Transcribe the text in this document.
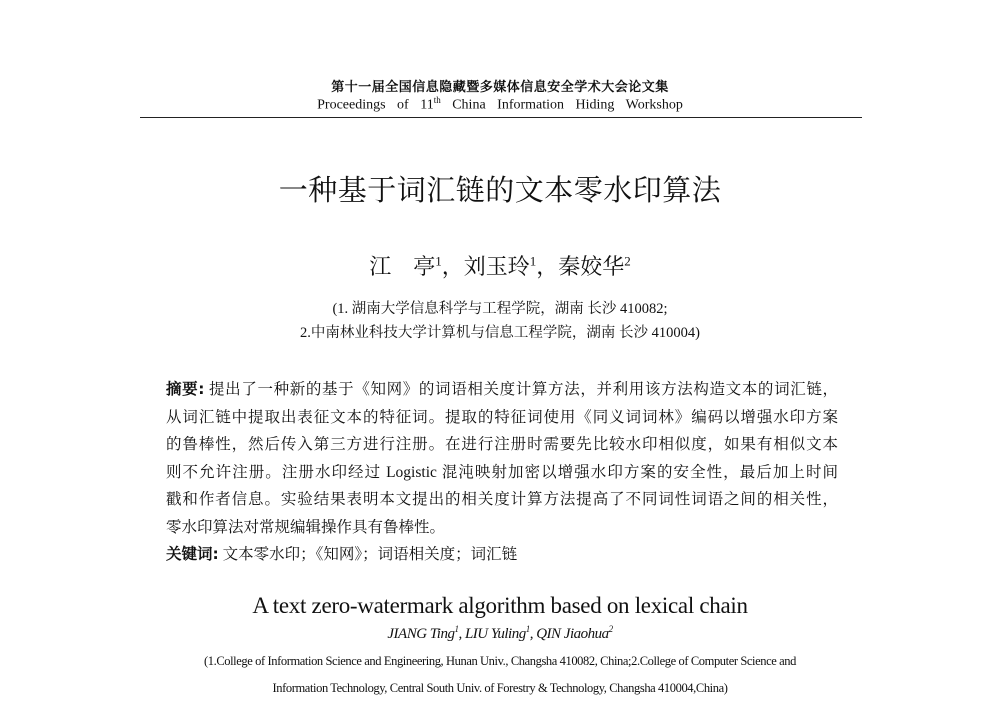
第十一届全国信息隐藏暨多媒体信息安全学术大会论文集
Proceedings of 11th China Information Hiding Workshop
一种基于词汇链的文本零水印算法
江　亭$^1$，刘玉玲$^1$，秦姣华$^2$
(1. 湖南大学信息科学与工程学院，湖南 长沙 410082;
2.中南林业科技大学计算机与信息工程学院，湖南 长沙 410004)
摘要: 提出了一种新的基于《知网》的词语相关度计算方法，并利用该方法构造文本的词汇链，
从词汇链中提取出表征文本的特征词。提取的特征词使用《同义词词林》编码以增强水印方案
的鲁棒性，然后传入第三方进行注册。在进行注册时需要先比较水印相似度，如果有相似文本
则不允许注册。注册水印经过 Logistic 混沌映射加密以增强水印方案的安全性，最后加上时间
戳和作者信息。实验结果表明本文提出的相关度计算方法提高了不同词性词语之间的相关性，
零水印算法对常规编辑操作具有鲁棒性。
关键词: 文本零水印；《知网》；词语相关度；词汇链
A text zero-watermark algorithm based on lexical chain
JIANG Ting$^1$, LIU Yuling$^1$, QIN Jiaohua$^2$
(1.College of Information Science and Engineering, Hunan Univ., Changsha 410082, China;2.College of Computer Science and
Information Technology, Central South Univ. of Forestry & Technology, Changsha 410004,China)
